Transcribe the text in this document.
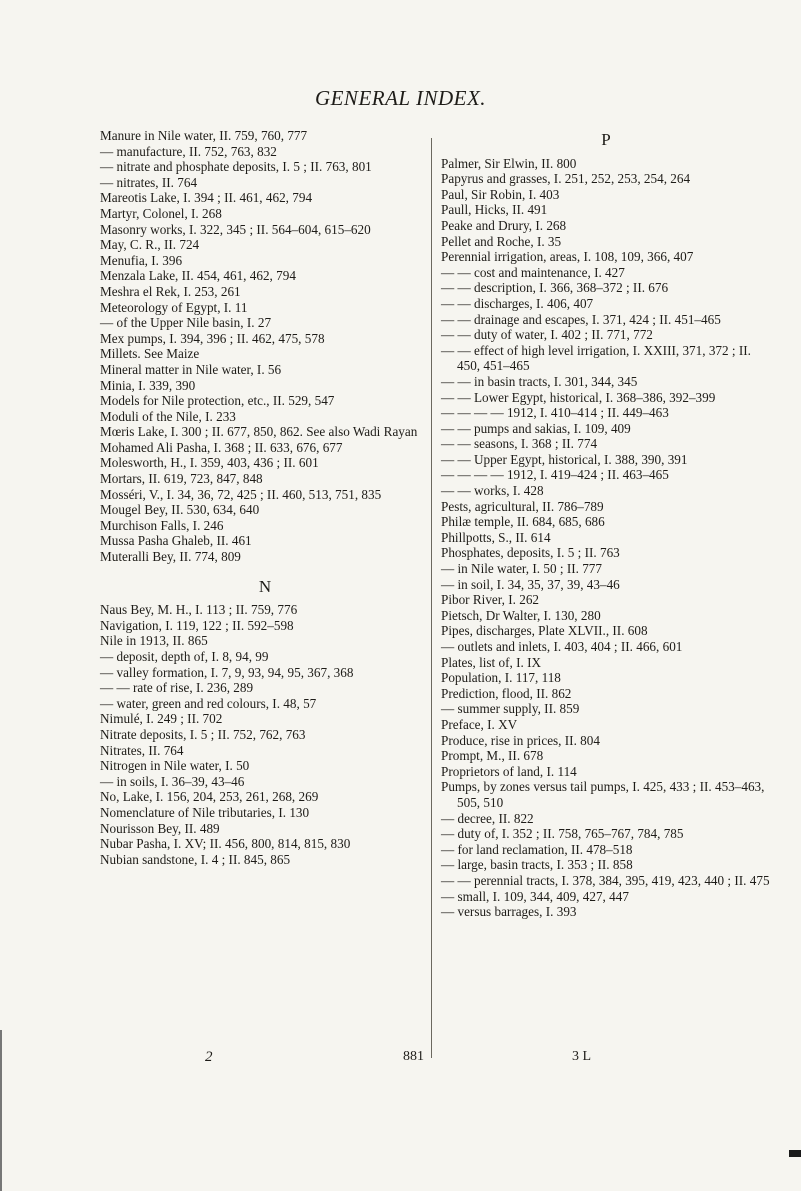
GENERAL INDEX.

Manure in Nile water, II. 759, 760, 777

— manufacture, II. 752, 763, 832

— nitrate and phosphate deposits, I. 5 ; II. 763, 801

— nitrates, II. 764

Mareotis Lake, I. 394 ; II. 461, 462, 794

Martyr, Colonel, I. 268

Masonry works, I. 322, 345 ; II. 564–604, 615–620

May, C. R., II. 724

Menufia, I. 396

Menzala Lake, II. 454, 461, 462, 794

Meshra el Rek, I. 253, 261

Meteorology of Egypt, I. 11

— of the Upper Nile basin, I. 27

Mex pumps, I. 394, 396 ; II. 462, 475, 578

Millets. See Maize

Mineral matter in Nile water, I. 56

Minia, I. 339, 390

Models for Nile protection, etc., II. 529, 547

Moduli of the Nile, I. 233

Mœris Lake, I. 300 ; II. 677, 850, 862. See also Wadi Rayan

Mohamed Ali Pasha, I. 368 ; II. 633, 676, 677

Molesworth, H., I. 359, 403, 436 ; II. 601

Mortars, II. 619, 723, 847, 848

Mosséri, V., I. 34, 36, 72, 425 ; II. 460, 513, 751, 835

Mougel Bey, II. 530, 634, 640

Murchison Falls, I. 246

Mussa Pasha Ghaleb, II. 461

Muteralli Bey, II. 774, 809

N

Naus Bey, M. H., I. 113 ; II. 759, 776

Navigation, I. 119, 122 ; II. 592–598

Nile in 1913, II. 865

— deposit, depth of, I. 8, 94, 99

— valley formation, I. 7, 9, 93, 94, 95, 367, 368

— — rate of rise, I. 236, 289

— water, green and red colours, I. 48, 57

Nimulé, I. 249 ; II. 702

Nitrate deposits, I. 5 ; II. 752, 762, 763

Nitrates, II. 764

Nitrogen in Nile water, I. 50

— in soils, I. 36–39, 43–46

No, Lake, I. 156, 204, 253, 261, 268, 269

Nomenclature of Nile tributaries, I. 130

Nourisson Bey, II. 489

Nubar Pasha, I. XV; II. 456, 800, 814, 815, 830

Nubian sandstone, I. 4 ; II. 845, 865

P

Palmer, Sir Elwin, II. 800

Papyrus and grasses, I. 251, 252, 253, 254, 264

Paul, Sir Robin, I. 403

Paull, Hicks, II. 491

Peake and Drury, I. 268

Pellet and Roche, I. 35

Perennial irrigation, areas, I. 108, 109, 366, 407

— — cost and maintenance, I. 427

— — description, I. 366, 368–372 ; II. 676

— — discharges, I. 406, 407

— — drainage and escapes, I. 371, 424 ; II. 451–465

— — duty of water, I. 402 ; II. 771, 772

— — effect of high level irrigation, I. XXIII, 371, 372 ; II. 450, 451–465

— — in basin tracts, I. 301, 344, 345

— — Lower Egypt, historical, I. 368–386, 392–399

— — — — 1912, I. 410–414 ; II. 449–463

— — pumps and sakias, I. 109, 409

— — seasons, I. 368 ; II. 774

— — Upper Egypt, historical, I. 388, 390, 391

— — — — 1912, I. 419–424 ; II. 463–465

— — works, I. 428

Pests, agricultural, II. 786–789

Philæ temple, II. 684, 685, 686

Phillpotts, S., II. 614

Phosphates, deposits, I. 5 ; II. 763

— in Nile water, I. 50 ; II. 777

— in soil, I. 34, 35, 37, 39, 43–46

Pibor River, I. 262

Pietsch, Dr Walter, I. 130, 280

Pipes, discharges, Plate XLVII., II. 608

— outlets and inlets, I. 403, 404 ; II. 466, 601

Plates, list of, I. IX

Population, I. 117, 118

Prediction, flood, II. 862

— summer supply, II. 859

Preface, I. XV

Produce, rise in prices, II. 804

Prompt, M., II. 678

Proprietors of land, I. 114

Pumps, by zones versus tail pumps, I. 425, 433 ; II. 453–463, 505, 510

— decree, II. 822

— duty of, I. 352 ; II. 758, 765–767, 784, 785

— for land reclamation, II. 478–518

— large, basin tracts, I. 353 ; II. 858

— — perennial tracts, I. 378, 384, 395, 419, 423, 440 ; II. 475

— small, I. 109, 344, 409, 427, 447

— versus barrages, I. 393

2	881	3 L
